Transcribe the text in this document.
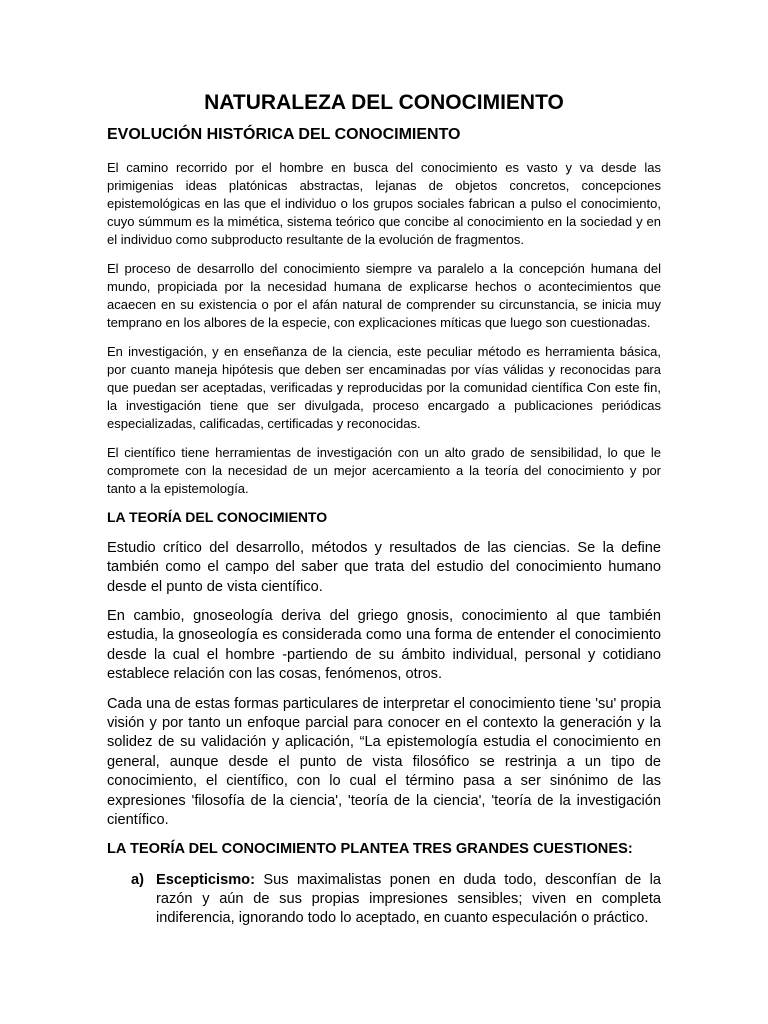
NATURALEZA DEL CONOCIMIENTO
EVOLUCIÓN HISTÓRICA DEL CONOCIMIENTO

El camino recorrido por el hombre en busca del conocimiento es vasto y va desde las primigenias ideas platónicas abstractas, lejanas de objetos concretos, concepciones epistemológicas en las que el individuo o los grupos sociales fabrican a pulso el conocimiento, cuyo súmmum es la mimética, sistema teórico que concibe al conocimiento en la sociedad y en el individuo como subproducto resultante de la evolución de fragmentos.

El proceso de desarrollo del conocimiento siempre va paralelo a la concepción humana del mundo, propiciada por la necesidad humana de explicarse hechos o acontecimientos que acaecen en su existencia o por el afán natural de comprender su circunstancia, se inicia muy temprano en los albores de la especie, con explicaciones míticas que luego son cuestionadas.

En investigación, y en enseñanza de la ciencia, este peculiar método es herramienta básica, por cuanto maneja hipótesis que deben ser encaminadas por vías válidas y reconocidas para que puedan ser aceptadas, verificadas y reproducidas por la comunidad científica Con este fin, la investigación tiene que ser divulgada, proceso encargado a publicaciones periódicas especializadas, calificadas, certificadas y reconocidas.

El científico tiene herramientas de investigación con un alto grado de sensibilidad, lo que le compromete con la necesidad de un mejor acercamiento a la teoría del conocimiento y por tanto a la epistemología.

LA TEORÍA DEL CONOCIMIENTO

Estudio crítico del desarrollo, métodos y resultados de las ciencias. Se la define también como el campo del saber que trata del estudio del conocimiento humano desde el punto de vista científico.

En cambio, gnoseología deriva del griego gnosis, conocimiento al que también estudia, la gnoseología es considerada como una forma de entender el conocimiento desde la cual el hombre -partiendo de su ámbito individual, personal y cotidiano establece relación con las cosas, fenómenos, otros.

Cada una de estas formas particulares de interpretar el conocimiento tiene 'su' propia visión y por tanto un enfoque parcial para conocer en el contexto la generación y la solidez de su validación y aplicación, “La epistemología estudia el conocimiento en general, aunque desde el punto de vista filosófico se restrinja a un tipo de conocimiento, el científico, con lo cual el término pasa a ser sinónimo de las expresiones 'filosofía de la ciencia', 'teoría de la ciencia', 'teoría de la investigación científico.

LA TEORÍA DEL CONOCIMIENTO PLANTEA TRES GRANDES CUESTIONES:
a) Escepticismo: Sus maximalistas ponen en duda todo, desconfían de la razón y aún de sus propias impresiones sensibles; viven en completa indiferencia, ignorando todo lo aceptado, en cuanto especulación o práctico.
